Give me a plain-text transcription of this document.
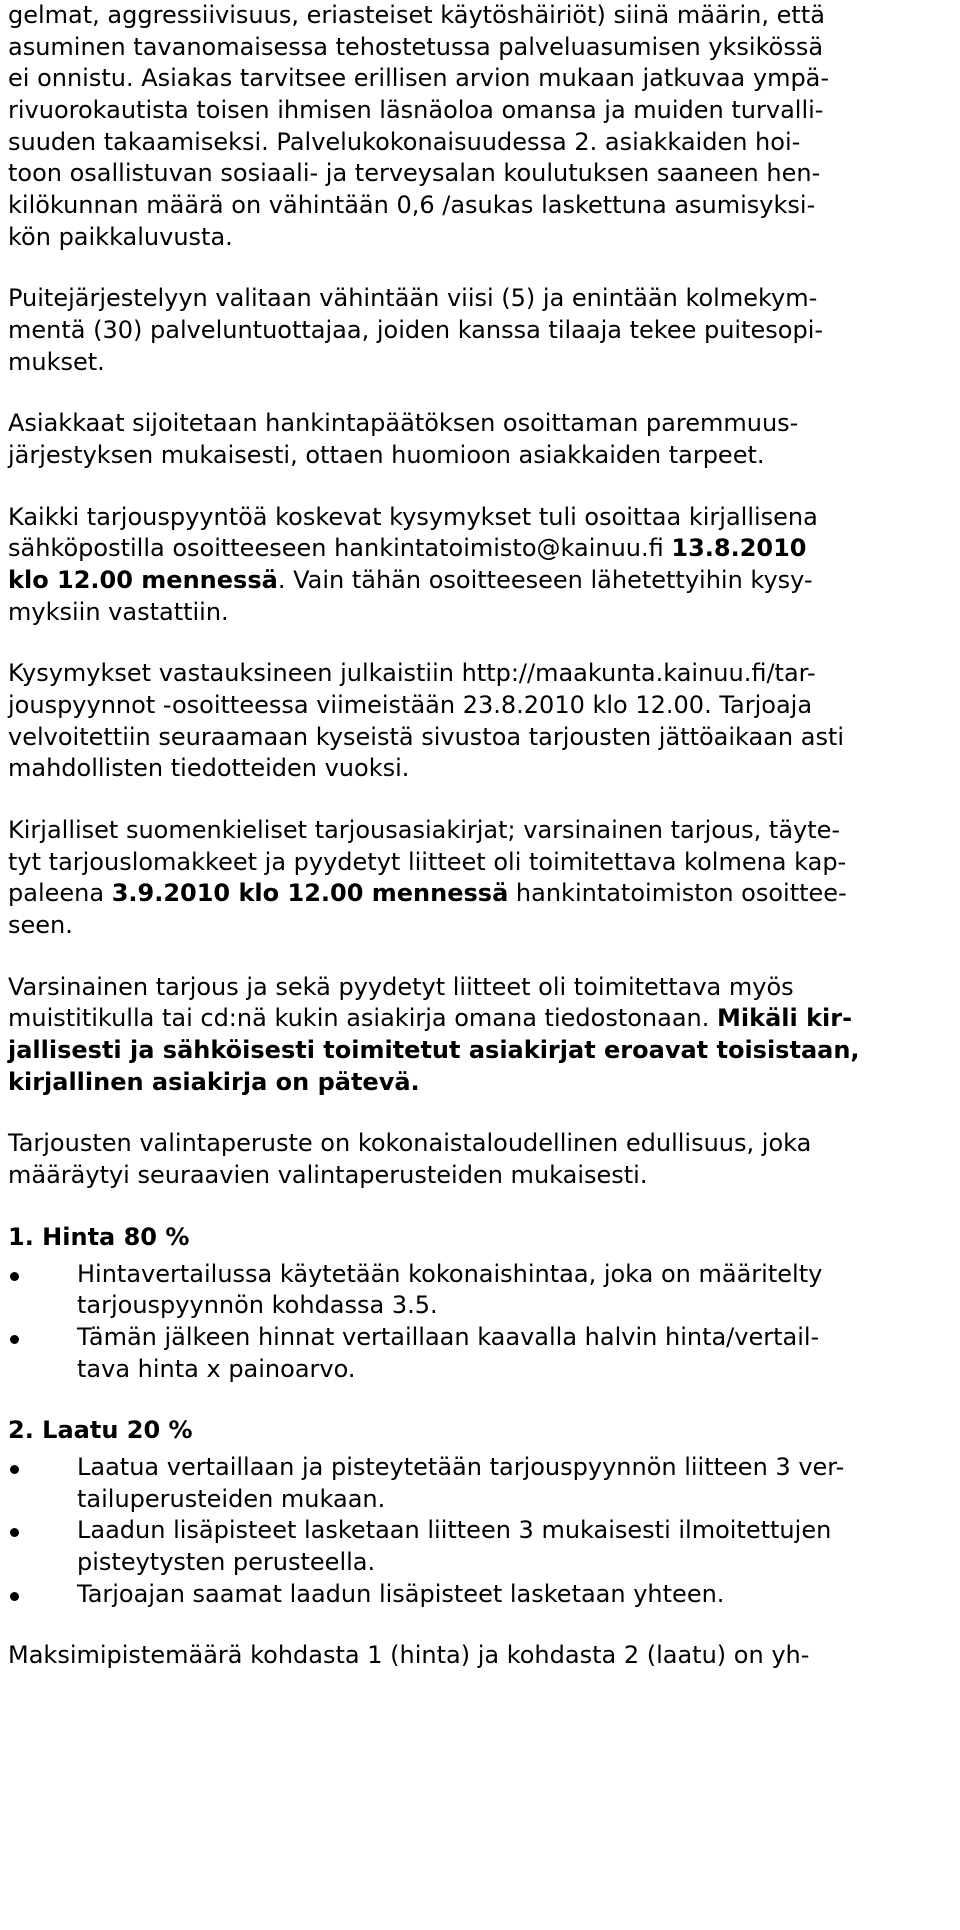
gelmat, aggressiivisuus, eriasteiset käytöshäiriöt) siinä määrin, että
asuminen tavanomaisessa tehostetussa palveluasumisen yksikössä
ei onnistu. Asiakas tarvitsee erillisen arvion mukaan jatkuvaa ympä-
rivuorokautista toisen ihmisen läsnäoloa omansa ja muiden turvalli-
suuden takaamiseksi. Palvelukokonaisuudessa 2. asiakkaiden hoi-
toon osallistuvan sosiaali- ja terveysalan koulutuksen saaneen hen-
kilökunnan määrä on vähintään 0,6 /asukas laskettuna asumisyksi-
kön paikkaluvusta.
Puitejärjestelyyn valitaan vähintään viisi (5) ja enintään kolmekym-
mentä (30) palveluntuottajaa, joiden kanssa tilaaja tekee puitesopi-
mukset.
Asiakkaat sijoitetaan hankintapäätöksen osoittaman paremmuus-
järjestyksen mukaisesti, ottaen huomioon asiakkaiden tarpeet.
Kaikki tarjouspyyntöä koskevat kysymykset tuli osoittaa kirjallisena
sähköpostilla osoitteeseen hankintatoimisto@kainuu.fi 13.8.2010
klo 12.00 mennessä. Vain tähän osoitteeseen lähetettyihin kysy-
myksiin vastattiin.
Kysymykset vastauksineen julkaistiin http://maakunta.kainuu.fi/tar-
jouspyynnot -osoitteessa viimeistään 23.8.2010 klo 12.00. Tarjoaja
velvoitettiin seuraamaan kyseistä sivustoa tarjousten jättöaikaan asti
mahdollisten tiedotteiden vuoksi.
Kirjalliset suomenkieliset tarjousasiakirjat; varsinainen tarjous, täyte-
tyt tarjouslomakkeet ja pyydetyt liitteet oli toimitettava kolmena kap-
paleena 3.9.2010 klo 12.00 mennessä hankintatoimiston osoittee-
seen.
Varsinainen tarjous ja sekä pyydetyt liitteet oli toimitettava myös
muistitikulla tai cd:nä kukin asiakirja omana tiedostonaan. Mikäli kir-
jallisesti ja sähköisesti toimitetut asiakirjat eroavat toisistaan,
kirjallinen asiakirja on pätevä.
Tarjousten valintaperuste on kokonaistaloudellinen edullisuus, joka
määräytyi seuraavien valintaperusteiden mukaisesti.
1. Hinta 80 %
Hintavertailussa käytetään kokonaishintaa, joka on määritelty
tarjouspyynnön kohdassa 3.5.
Tämän jälkeen hinnat vertaillaan kaavalla halvin hinta/vertail-
tava hinta x painoarvo.
2. Laatu 20 %
Laatua vertaillaan ja pisteytetään tarjouspyynnön liitteen 3 ver-
tailuperusteiden mukaan.
Laadun lisäpisteet lasketaan liitteen 3 mukaisesti ilmoitettujen
pisteytysten perusteella.
Tarjoajan saamat laadun lisäpisteet lasketaan yhteen.
Maksimipistemäärä kohdasta 1 (hinta) ja kohdasta 2 (laatu) on yh-
